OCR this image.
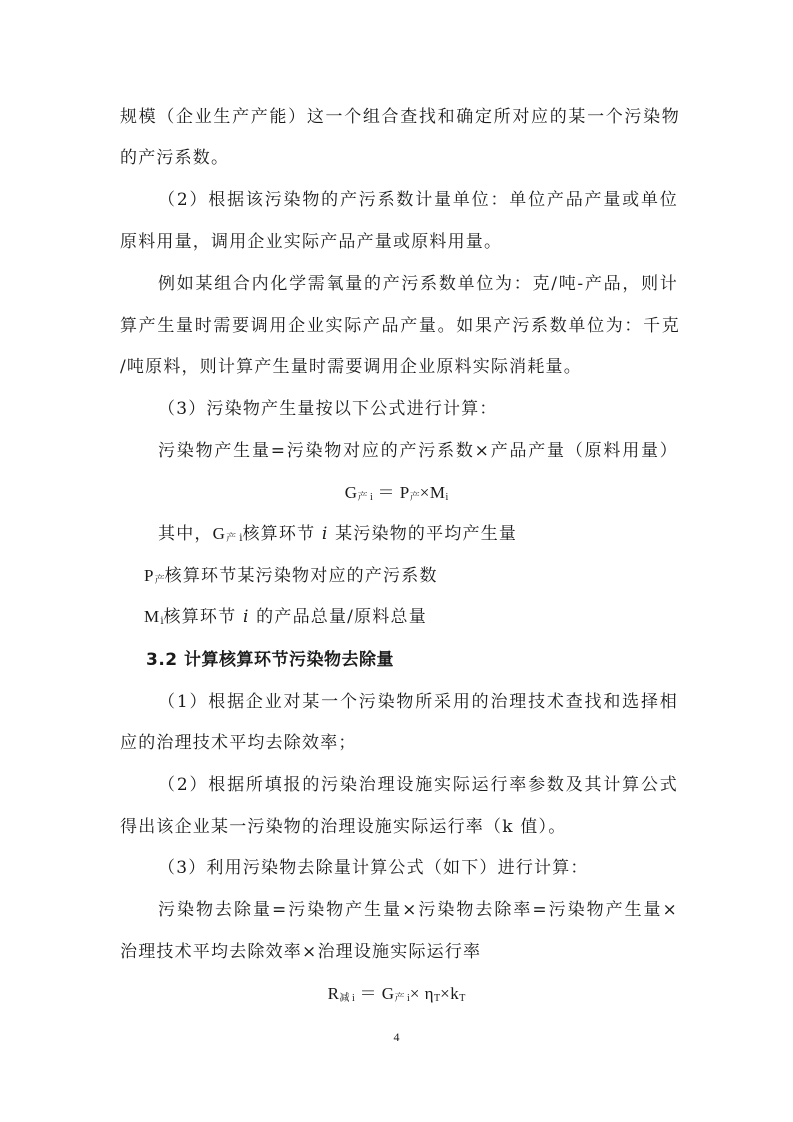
规模（企业生产产能）这一个组合查找和确定所对应的某一个污染物
的产污系数。
（2）根据该污染物的产污系数计量单位：单位产品产量或单位
原料用量，调用企业实际产品产量或原料用量。
例如某组合内化学需氧量的产污系数单位为：克/吨-产品，则计
算产生量时需要调用企业实际产品产量。如果产污系数单位为：千克
/吨原料，则计算产生量时需要调用企业原料实际消耗量。
（3）污染物产生量按以下公式进行计算：
污染物产生量=污染物对应的产污系数×产品产量（原料用量）
$G_{产 i} = P_产\times M_i$
其中，$G_{产 i}$核算环节 i 某污染物的平均产生量
$P_产$核算环节某污染物对应的产污系数
$M_i$核算环节 i 的产品总量/原料总量
3.2 计算核算环节污染物去除量
（1）根据企业对某一个污染物所采用的治理技术查找和选择相
应的治理技术平均去除效率；
（2）根据所填报的污染治理设施实际运行率参数及其计算公式
得出该企业某一污染物的治理设施实际运行率（k 值）。
（3）利用污染物去除量计算公式（如下）进行计算：
污染物去除量=污染物产生量×污染物去除率=污染物产生量×
治理技术平均去除效率×治理设施实际运行率
$R_{减 i} = G_{产 i}\times \eta_T\times k_T$
4
